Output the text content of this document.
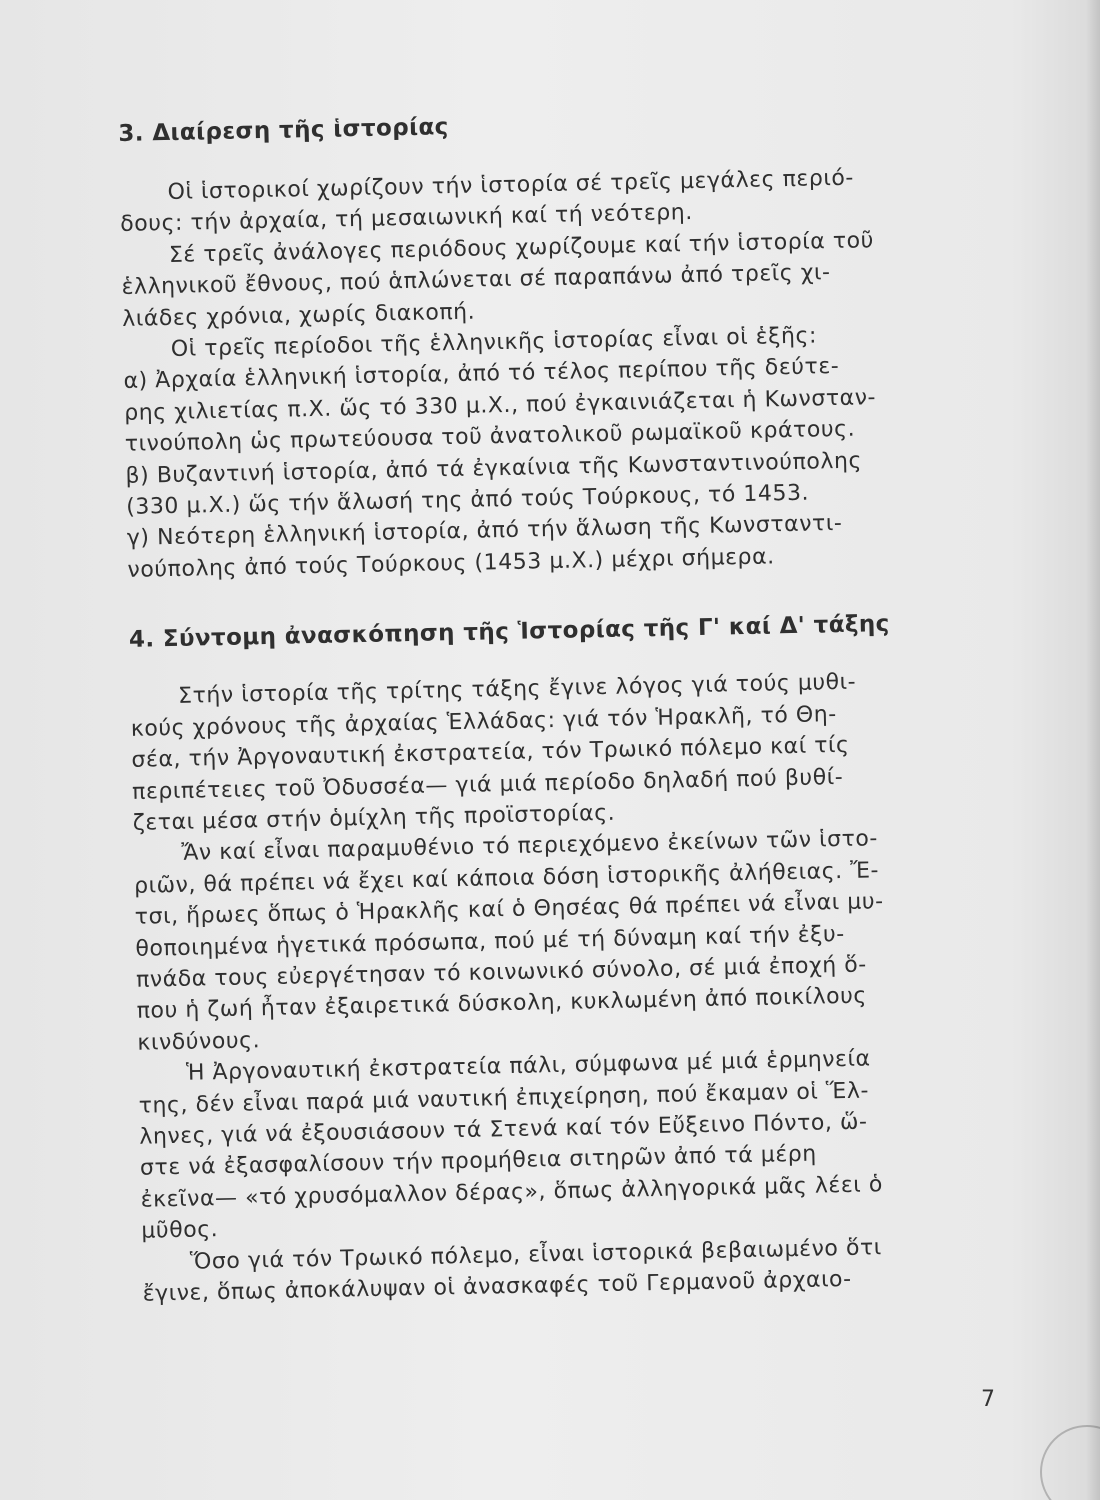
3. Διαίρεση τῆς ἱστορίας
Οἱ ἱστορικοί χωρίζουν τήν ἱστορία σέ τρεῖς μεγάλες περιό-
δους: τήν ἀρχαία, τή μεσαιωνική καί τή νεότερη.
Σέ τρεῖς ἀνάλογες περιόδους χωρίζουμε καί τήν ἱστορία τοῦ
ἑλληνικοῦ ἔθνους, πού ἁπλώνεται σέ παραπάνω ἀπό τρεῖς χι-
λιάδες χρόνια, χωρίς διακοπή.
Οἱ τρεῖς περίοδοι τῆς ἑλληνικῆς ἱστορίας εἶναι οἱ ἑξῆς:
α) Ἀρχαία ἑλληνική ἱστορία, ἀπό τό τέλος περίπου τῆς δεύτε-
ρης χιλιετίας π.Χ. ὥς τό 330 μ.Χ., πού ἐγκαινιάζεται ἡ Κωνσταν-
τινούπολη ὡς πρωτεύουσα τοῦ ἀνατολικοῦ ρωμαϊκοῦ κράτους.
β) Βυζαντινή ἱστορία, ἀπό τά ἐγκαίνια τῆς Κωνσταντινούπολης
(330 μ.Χ.) ὥς τήν ἅλωσή της ἀπό τούς Τούρκους, τό 1453.
γ) Νεότερη ἑλληνική ἱστορία, ἀπό τήν ἅλωση τῆς Κωνσταντι-
νούπολης ἀπό τούς Τούρκους (1453 μ.Χ.) μέχρι σήμερα.
4. Σύντομη ἀνασκόπηση τῆς Ἱστορίας τῆς Γ' καί Δ' τάξης
Στήν ἱστορία τῆς τρίτης τάξης ἔγινε λόγος γιά τούς μυθι-
κούς χρόνους τῆς ἀρχαίας Ἑλλάδας: γιά τόν Ἡρακλῆ, τό Θη-
σέα, τήν Ἀργοναυτική ἐκστρατεία, τόν Τρωικό πόλεμο καί τίς
περιπέτειες τοῦ Ὀδυσσέα— γιά μιά περίοδο δηλαδή πού βυθί-
ζεται μέσα στήν ὁμίχλη τῆς προϊστορίας.
Ἄν καί εἶναι παραμυθένιο τό περιεχόμενο ἐκείνων τῶν ἱστο-
ριῶν, θά πρέπει νά ἔχει καί κάποια δόση ἱστορικῆς ἀλήθειας. Ἔ-
τσι, ἥρωες ὅπως ὁ Ἡρακλῆς καί ὁ Θησέας θά πρέπει νά εἶναι μυ-
θοποιημένα ἡγετικά πρόσωπα, πού μέ τή δύναμη καί τήν ἐξυ-
πνάδα τους εὐεργέτησαν τό κοινωνικό σύνολο, σέ μιά ἐποχή ὅ-
που ἡ ζωή ἦταν ἐξαιρετικά δύσκολη, κυκλωμένη ἀπό ποικίλους
κινδύνους.
Ἡ Ἀργοναυτική ἐκστρατεία πάλι, σύμφωνα μέ μιά ἑρμηνεία
της, δέν εἶναι παρά μιά ναυτική ἐπιχείρηση, πού ἔκαμαν οἱ Ἕλ-
ληνες, γιά νά ἐξουσιάσουν τά Στενά καί τόν Εὔξεινο Πόντο, ὥ-
στε νά ἐξασφαλίσουν τήν προμήθεια σιτηρῶν ἀπό τά μέρη
ἐκεῖνα— «τό χρυσόμαλλον δέρας», ὅπως ἀλληγορικά μᾶς λέει ὁ
μῦθος.
Ὅσο γιά τόν Τρωικό πόλεμο, εἶναι ἱστορικά βεβαιωμένο ὅτι
ἔγινε, ὅπως ἀποκάλυψαν οἱ ἀνασκαφές τοῦ Γερμανοῦ ἀρχαιο-
7
